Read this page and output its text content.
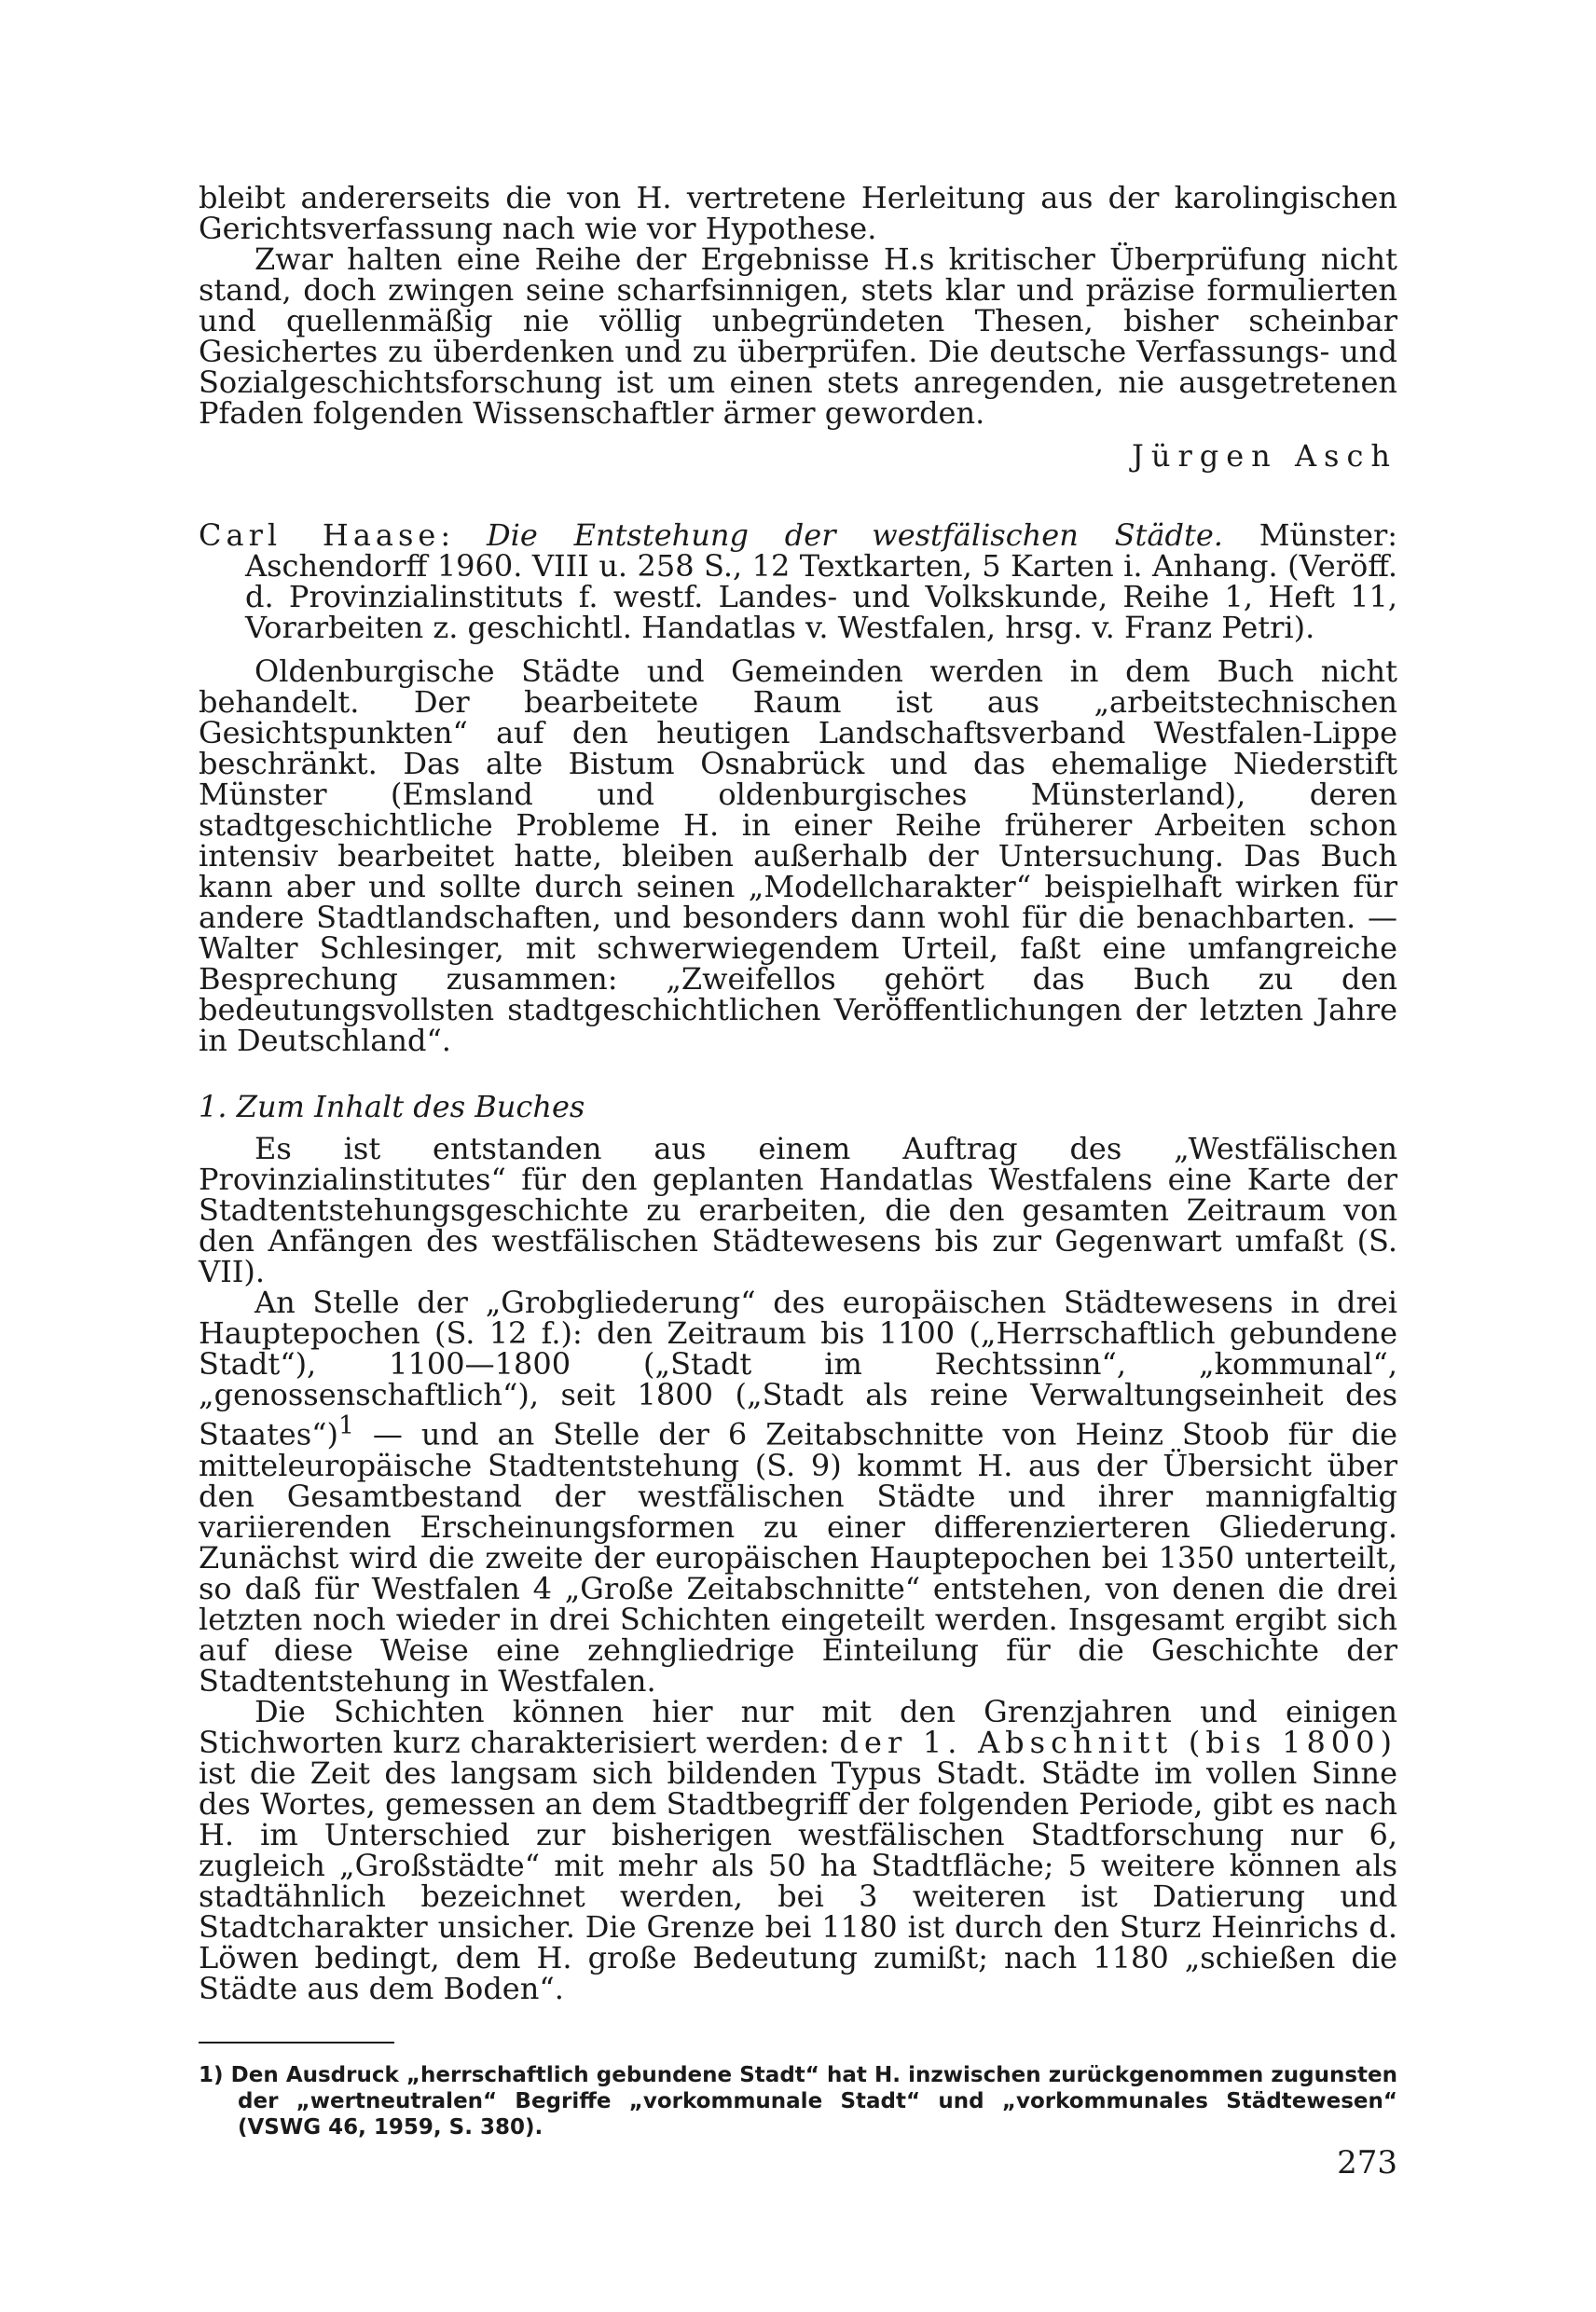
bleibt andererseits die von H. vertretene Herleitung aus der karolingischen Gerichtsverfassung nach wie vor Hypothese.

Zwar halten eine Reihe der Ergebnisse H.s kritischer Überprüfung nicht stand, doch zwingen seine scharfsinnigen, stets klar und präzise formulierten und quellenmäßig nie völlig unbegründeten Thesen, bisher scheinbar Gesichertes zu überdenken und zu überprüfen. Die deutsche Verfassungs- und Sozialgeschichtsforschung ist um einen stets anregenden, nie ausgetretenen Pfaden folgenden Wissenschaftler ärmer geworden.

Jürgen Asch

Carl Haase: Die Entstehung der westfälischen Städte. Münster: Aschendorff 1960. VIII u. 258 S., 12 Textkarten, 5 Karten i. Anhang. (Veröff. d. Provinzialinstituts f. westf. Landes- und Volkskunde, Reihe 1, Heft 11, Vorarbeiten z. geschichtl. Handatlas v. Westfalen, hrsg. v. Franz Petri).

Oldenburgische Städte und Gemeinden werden in dem Buch nicht behandelt. Der bearbeitete Raum ist aus „arbeitstechnischen Gesichtspunkten“ auf den heutigen Landschaftsverband Westfalen-Lippe beschränkt. Das alte Bistum Osnabrück und das ehemalige Niederstift Münster (Emsland und oldenburgisches Münsterland), deren stadtgeschichtliche Probleme H. in einer Reihe früherer Arbeiten schon intensiv bearbeitet hatte, bleiben außerhalb der Untersuchung. Das Buch kann aber und sollte durch seinen „Modellcharakter“ beispielhaft wirken für andere Stadtlandschaften, und besonders dann wohl für die benachbarten. — Walter Schlesinger, mit schwerwiegendem Urteil, faßt eine umfangreiche Besprechung zusammen: „Zweifellos gehört das Buch zu den bedeutungsvollsten stadtgeschichtlichen Veröffentlichungen der letzten Jahre in Deutschland“.

1. Zum Inhalt des Buches

Es ist entstanden aus einem Auftrag des „Westfälischen Provinzialinstitutes“ für den geplanten Handatlas Westfalens eine Karte der Stadtentstehungsgeschichte zu erarbeiten, die den gesamten Zeitraum von den Anfängen des westfälischen Städtewesens bis zur Gegenwart umfaßt (S. VII).

An Stelle der „Grobgliederung“ des europäischen Städtewesens in drei Hauptepochen (S. 12 f.): den Zeitraum bis 1100 („Herrschaftlich gebundene Stadt“), 1100—1800 („Stadt im Rechtssinn“, „kommunal“, „genossenschaftlich“), seit 1800 („Stadt als reine Verwaltungseinheit des Staates“)$^1$ — und an Stelle der 6 Zeitabschnitte von Heinz Stoob für die mitteleuropäische Stadtentstehung (S. 9) kommt H. aus der Übersicht über den Gesamtbestand der westfälischen Städte und ihrer mannigfaltig variierenden Erscheinungsformen zu einer differenzierteren Gliederung. Zunächst wird die zweite der europäischen Hauptepochen bei 1350 unterteilt, so daß für Westfalen 4 „Große Zeitabschnitte“ entstehen, von denen die drei letzten noch wieder in drei Schichten eingeteilt werden. Insgesamt ergibt sich auf diese Weise eine zehngliedrige Einteilung für die Geschichte der Stadtentstehung in Westfalen.

Die Schichten können hier nur mit den Grenzjahren und einigen Stichworten kurz charakterisiert werden: der 1. Abschnitt (bis 1800) ist die Zeit des langsam sich bildenden Typus Stadt. Städte im vollen Sinne des Wortes, gemessen an dem Stadtbegriff der folgenden Periode, gibt es nach H. im Unterschied zur bisherigen westfälischen Stadtforschung nur 6, zugleich „Großstädte“ mit mehr als 50 ha Stadtfläche; 5 weitere können als stadtähnlich bezeichnet werden, bei 3 weiteren ist Datierung und Stadtcharakter unsicher. Die Grenze bei 1180 ist durch den Sturz Heinrichs d. Löwen bedingt, dem H. große Bedeutung zumißt; nach 1180 „schießen die Städte aus dem Boden“.

1) Den Ausdruck „herrschaftlich gebundene Stadt“ hat H. inzwischen zurückgenommen zugunsten der „wertneutralen“ Begriffe „vorkommunale Stadt“ und „vorkommunales Städtewesen“ (VSWG 46, 1959, S. 380).

273
